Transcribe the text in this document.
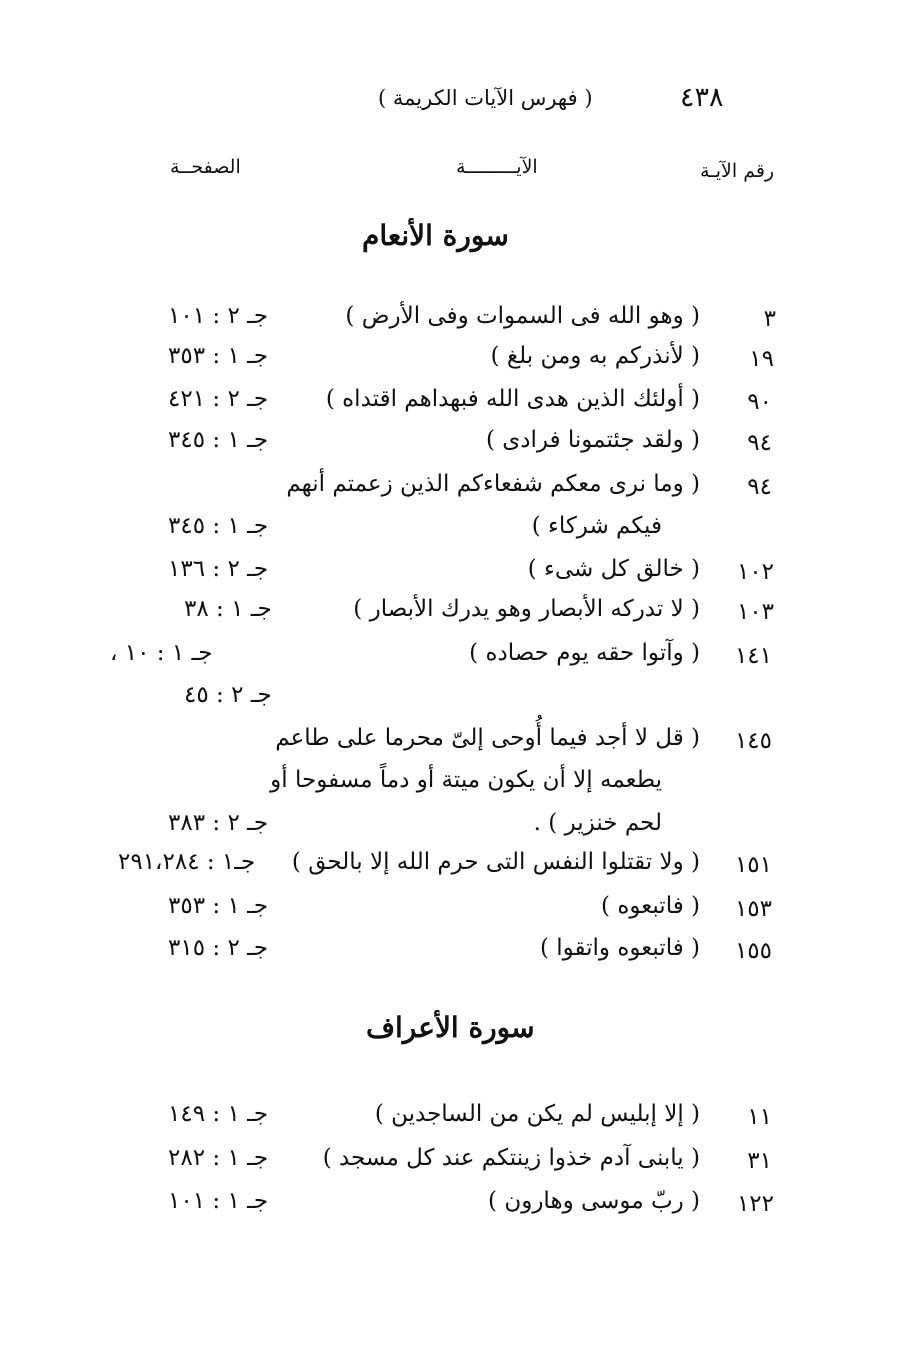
٤٣٨
( فهرس الآيات الكريمة )
رقم الآيـة
الآيـــــــــة
الصفحــة
سورة الأنعام
٣
( وهو الله فى السموات وفى الأرض )
جـ ٢ : ١٠١
١٩
( لأنذركم به ومن بلغ )
جـ ١ : ٣٥٣
٩٠
( أولئك الذين هدى الله فبهداهم اقتداه )
جـ ٢ : ٤٢١
٩٤
( ولقد جئتمونا فرادى )
جـ ١ : ٣٤٥
٩٤
( وما نرى معكم شفعاءكم الذين زعمتم أنهم
فيكم شركاء )
جـ ١ : ٣٤٥
١٠٢
( خالق كل شىء )
جـ ٢ : ١٣٦
١٠٣
( لا تدركه الأبصار وهو يدرك الأبصار )
جـ ١ : ٣٨
١٤١
( وآتوا حقه يوم حصاده )
جـ ١ : ١٠ ،
جـ ٢ : ٤٥
١٤٥
( قل لا أجد فيما أُوحى إلىّ محرما على طاعم
يطعمه إلا أن يكون ميتة أو دماً مسفوحا أو
لحم خنزير ) .
جـ ٢ : ٣٨٣
١٥١
( ولا تقتلوا النفس التى حرم الله إلا بالحق )
جـ١ : ٢٩١،٢٨٤
١٥٣
( فاتبعوه )
جـ ١ : ٣٥٣
١٥٥
( فاتبعوه واتقوا )
جـ ٢ : ٣١٥
سورة الأعراف
١١
( إلا إبليس لم يكن من الساجدين )
جـ ١ : ١٤٩
٣١
( يابنى آدم خذوا زينتكم عند كل مسجد )
جـ ١ : ٢٨٢
١٢٢
( ربّ موسى وهارون )
جـ ١ : ١٠١
